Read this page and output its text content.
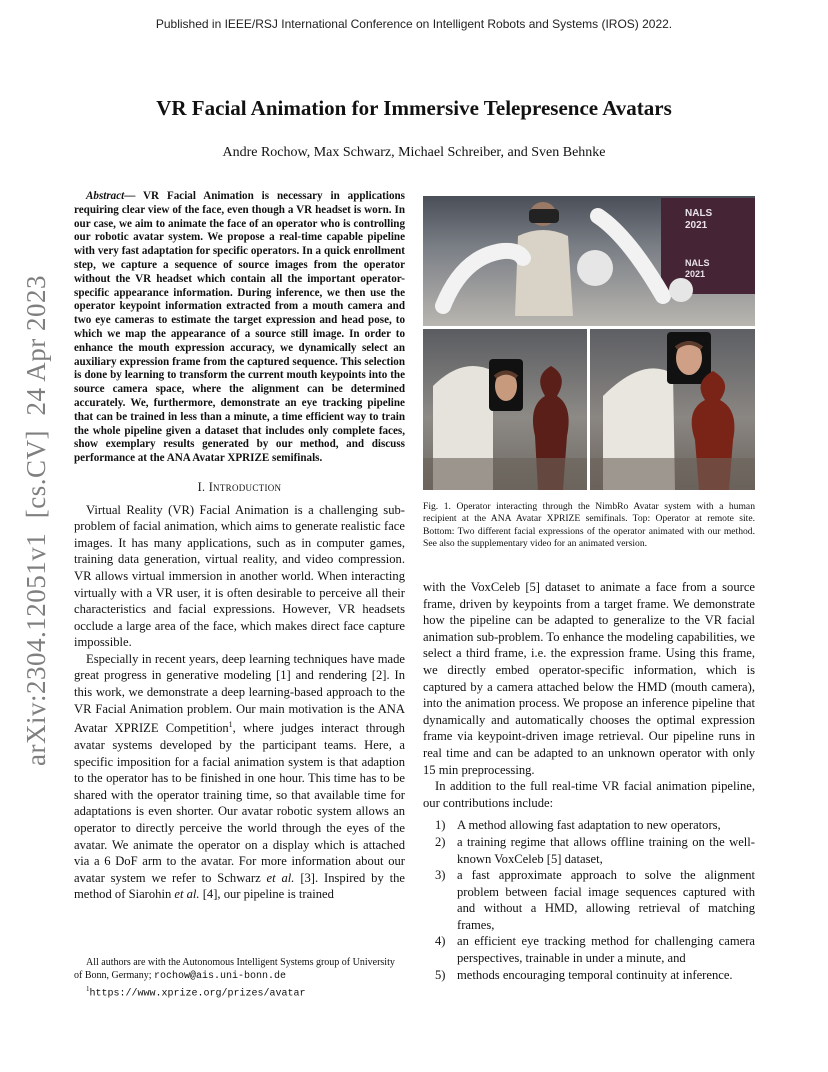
Published in IEEE/RSJ International Conference on Intelligent Robots and Systems (IROS) 2022.
arXiv:2304.12051v1  [cs.CV]  24 Apr 2023
VR Facial Animation for Immersive Telepresence Avatars
Andre Rochow, Max Schwarz, Michael Schreiber, and Sven Behnke

Abstract— VR Facial Animation is necessary in applications requiring clear view of the face, even though a VR headset is worn. In our case, we aim to animate the face of an operator who is controlling our robotic avatar system. We propose a real-time capable pipeline with very fast adaptation for specific operators. In a quick enrollment step, we capture a sequence of source images from the operator without the VR headset which contain all the important operator-specific appearance information. During inference, we then use the operator keypoint information extracted from a mouth camera and two eye cameras to estimate the target expression and head pose, to which we map the appearance of a source still image. In order to enhance the mouth expression accuracy, we dynamically select an auxiliary expression frame from the captured sequence. This selection is done by learning to transform the current mouth keypoints into the source camera space, where the alignment can be determined accurately. We, furthermore, demonstrate an eye tracking pipeline that can be trained in less than a minute, a time efficient way to train the whole pipeline given a dataset that includes only complete faces, show exemplary results generated by our method, and discuss performance at the ANA Avatar XPRIZE semifinals.

I. Introduction

Virtual Reality (VR) Facial Animation is a challenging sub-problem of facial animation, which aims to generate realistic face images. It has many applications, such as in computer games, training data generation, virtual reality, and video compression. VR allows virtual immersion in another world. When interacting virtually with a VR user, it is often desirable to perceive all their characteristics and facial expressions. However, VR headsets occlude a large area of the face, which makes direct face capture impossible.

Especially in recent years, deep learning techniques have made great progress in generative modeling [1] and rendering [2]. In this work, we demonstrate a deep learning-based approach to the VR Facial Animation problem. Our main motivation is the ANA Avatar XPRIZE Competition$^1$, where judges interact through avatar systems developed by the participant teams. Here, a specific imposition for a facial animation system is that adaption to the operator has to be finished in one hour. This time has to be shared with the operator training time, so that available time for adaptations is even shorter. Our avatar robotic system allows an operator to directly perceive the world through the eyes of the avatar. We animate the operator on a display which is attached via a 6 DoF arm to the avatar. For more information about our avatar system we refer to Schwarz et al. [3]. Inspired by the method of Siarohin et al. [4], our pipeline is trained

All authors are with the Autonomous Intelligent Systems group of University of Bonn, Germany; rochow@ais.uni-bonn.de
$^1$https://www.xprize.org/prizes/avatar
NALS
2021
NALS
2021
Fig. 1. Operator interacting through the NimbRo Avatar system with a human recipient at the ANA Avatar XPRIZE semifinals. Top: Operator at remote site. Bottom: Two different facial expressions of the operator animated with our method. See also the supplementary video for an animated version.

with the VoxCeleb [5] dataset to animate a face from a source frame, driven by keypoints from a target frame. We demonstrate how the pipeline can be adapted to generalize to the VR facial animation sub-problem. To enhance the modeling capabilities, we select a third frame, i.e. the expression frame. Using this frame, we directly embed operator-specific information, which is captured by a camera attached below the HMD (mouth camera), into the animation process. We propose an inference pipeline that dynamically and automatically chooses the optimal expression frame via keypoint-driven image retrieval. Our pipeline runs in real time and can be adapted to an unknown operator with only 15 min preprocessing.

In addition to the full real-time VR facial animation pipeline, our contributions include:

1) A method allowing fast adaptation to new operators,
2) a training regime that allows offline training on the well-known VoxCeleb [5] dataset,
3) a fast approximate approach to solve the alignment problem between facial image sequences captured with and without a HMD, allowing retrieval of matching frames,
4) an efficient eye tracking method for challenging camera perspectives, trainable in under a minute, and
5) methods encouraging temporal continuity at inference.
